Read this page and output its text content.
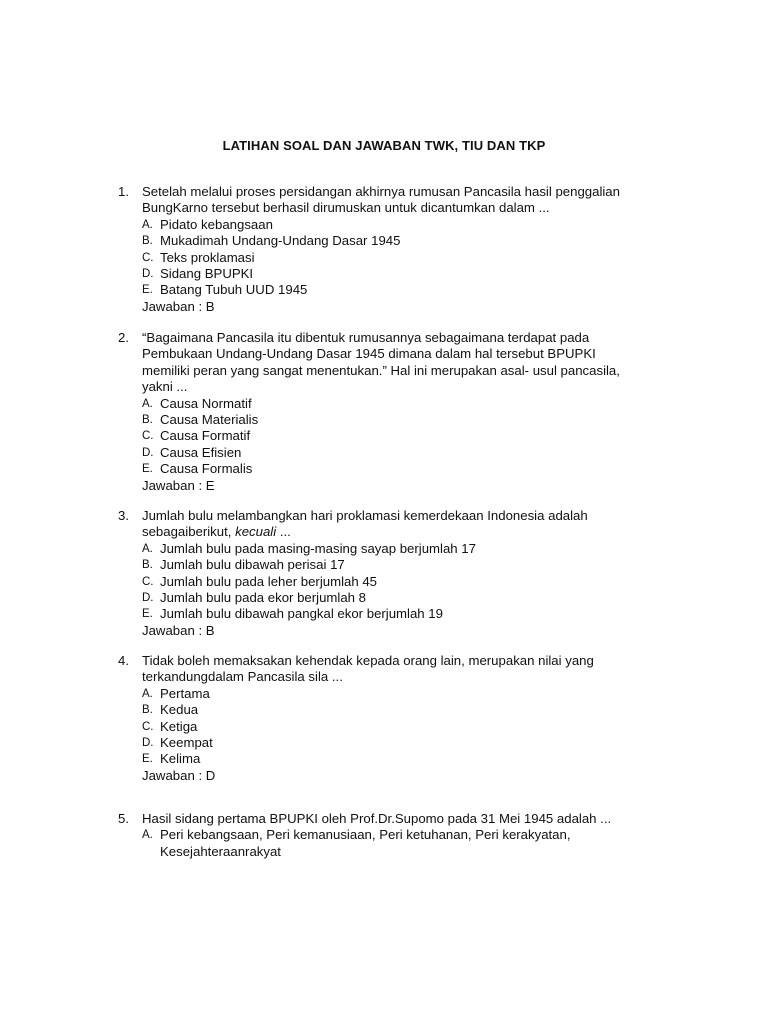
LATIHAN SOAL DAN JAWABAN TWK, TIU DAN TKP
1. Setelah melalui proses persidangan akhirnya rumusan Pancasila hasil penggalian
BungKarno tersebut berhasil dirumuskan untuk dicantumkan dalam ...
A. Pidato kebangsaan
B. Mukadimah Undang-Undang Dasar 1945
C. Teks proklamasi
D. Sidang BPUPKI
E. Batang Tubuh UUD 1945
Jawaban : B
2. “Bagaimana Pancasila itu dibentuk rumusannya sebagaimana terdapat pada
Pembukaan Undang-Undang Dasar 1945 dimana dalam hal tersebut BPUPKI
memiliki peran yang sangat menentukan.” Hal ini merupakan asal- usul pancasila,
yakni ...
A. Causa Normatif
B. Causa Materialis
C. Causa Formatif
D. Causa Efisien
E. Causa Formalis
Jawaban : E
3. Jumlah bulu melambangkan hari proklamasi kemerdekaan Indonesia adalah
sebagaiberikut, kecuali ...
A. Jumlah bulu pada masing-masing sayap berjumlah 17
B. Jumlah bulu dibawah perisai 17
C. Jumlah bulu pada leher berjumlah 45
D. Jumlah bulu pada ekor berjumlah 8
E. Jumlah bulu dibawah pangkal ekor berjumlah 19
Jawaban : B
4. Tidak boleh memaksakan kehendak kepada orang lain, merupakan nilai yang
terkandungdalam Pancasila sila ...
A. Pertama
B. Kedua
C. Ketiga
D. Keempat
E. Kelima
Jawaban : D
5. Hasil sidang pertama BPUPKI oleh Prof.Dr.Supomo pada 31 Mei 1945 adalah ...
A. Peri kebangsaan, Peri kemanusiaan, Peri ketuhanan, Peri kerakyatan,
Kesejahteraanrakyat
